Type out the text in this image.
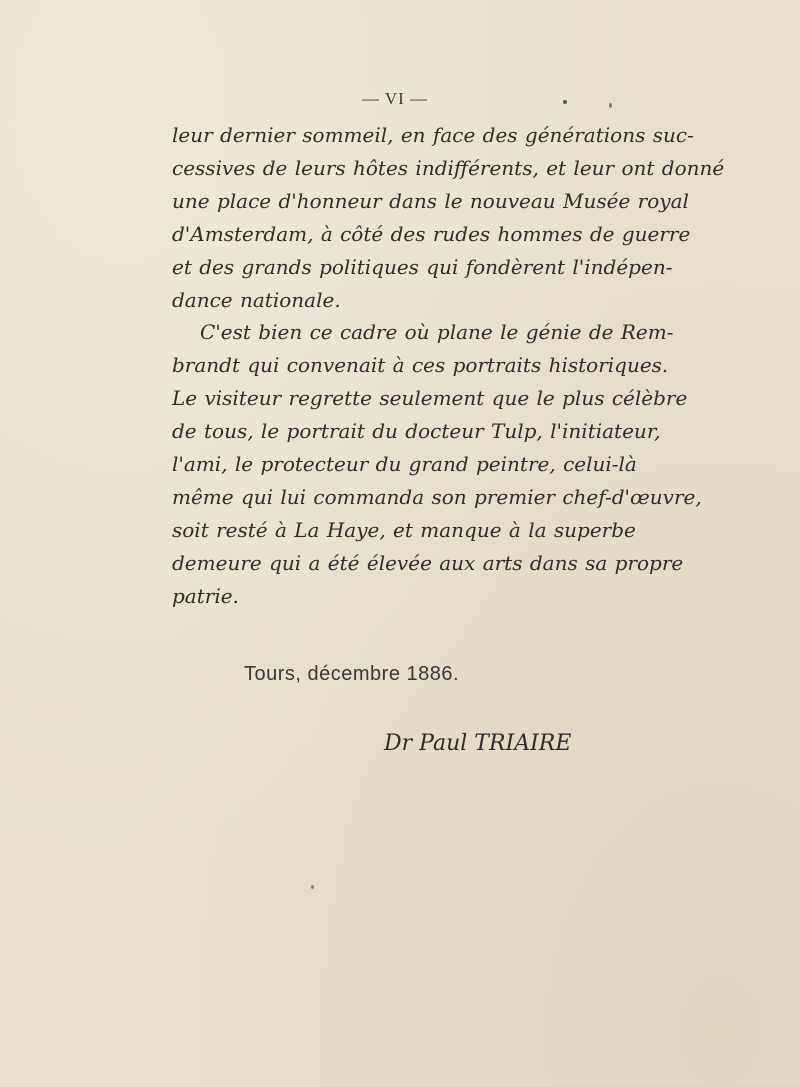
— VI —

leur dernier sommeil, en face des générations suc-
cessives de leurs hôtes indifférents, et leur ont donné
une place d'honneur dans le nouveau Musée royal
d'Amsterdam, à côté des rudes hommes de guerre
et des grands politiques qui fondèrent l'indépen-
dance nationale.

C'est bien ce cadre où plane le génie de Rem-
brandt qui convenait à ces portraits historiques.
Le visiteur regrette seulement que le plus célèbre
de tous, le portrait du docteur Tulp, l'initiateur,
l'ami, le protecteur du grand peintre, celui-là
même qui lui commanda son premier chef-d'œuvre,
soit resté à La Haye, et manque à la superbe
demeure qui a été élevée aux arts dans sa propre
patrie.

Tours, décembre 1886.
Dr Paul TRIAIRE
